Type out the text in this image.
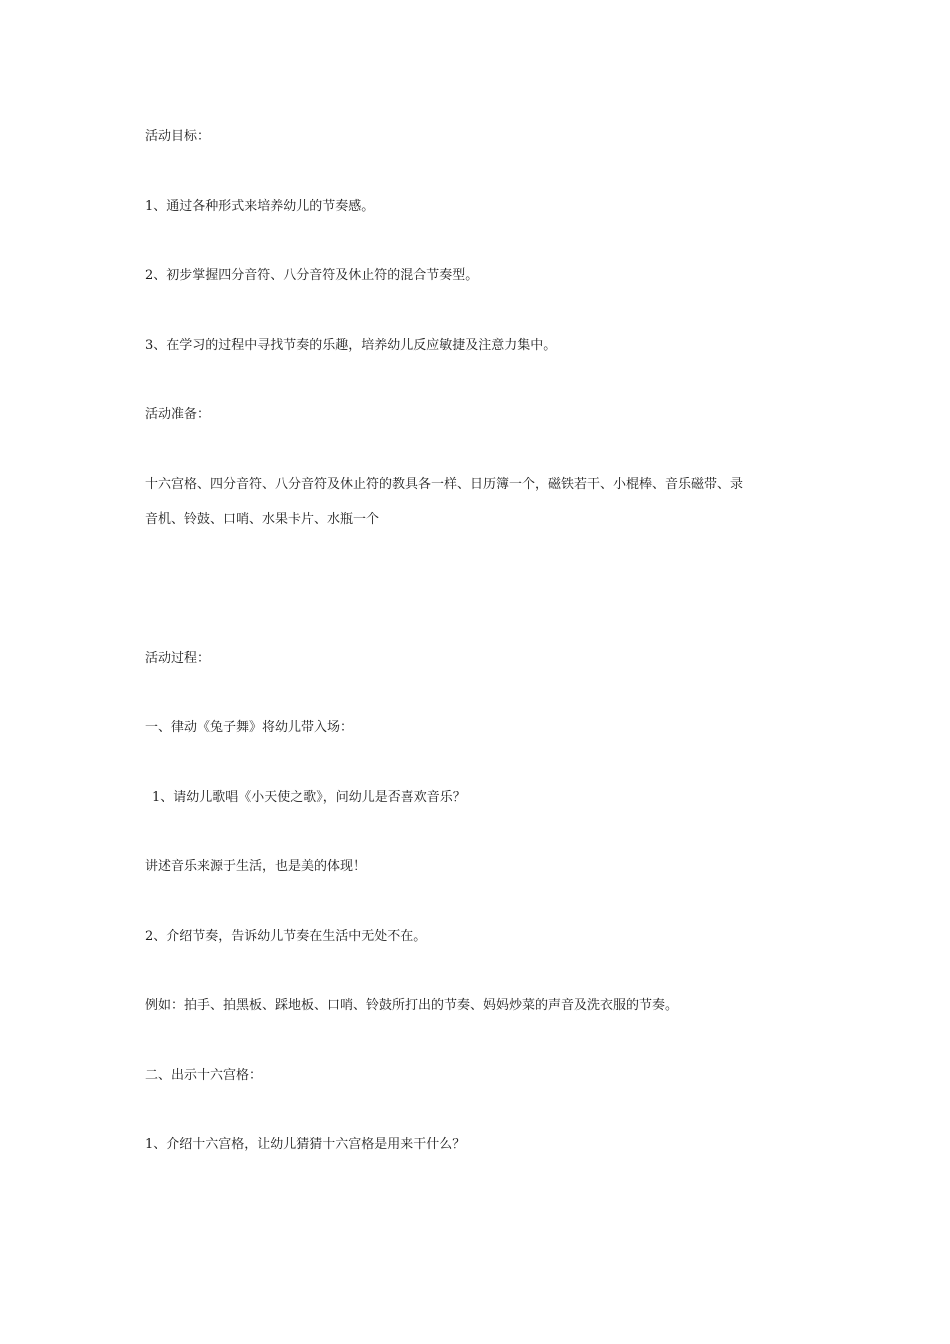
活动目标：
1、通过各种形式来培养幼儿的节奏感。
2、初步掌握四分音符、八分音符及休止符的混合节奏型。
3、在学习的过程中寻找节奏的乐趣，培养幼儿反应敏捷及注意力集中。
活动准备：
十六宫格、四分音符、八分音符及休止符的教具各一样、日历簿一个，磁铁若干、小棍棒、音乐磁带、录
音机、铃鼓、口哨、水果卡片、水瓶一个
活动过程：
一、律动《兔子舞》将幼儿带入场：
1、请幼儿歌唱《小天使之歌》，问幼儿是否喜欢音乐？
讲述音乐来源于生活，也是美的体现！
2、介绍节奏，告诉幼儿节奏在生活中无处不在。
例如：拍手、拍黑板、踩地板、口哨、铃鼓所打出的节奏、妈妈炒菜的声音及洗衣服的节奏。
二、出示十六宫格：
1、介绍十六宫格，让幼儿猜猜十六宫格是用来干什么？
